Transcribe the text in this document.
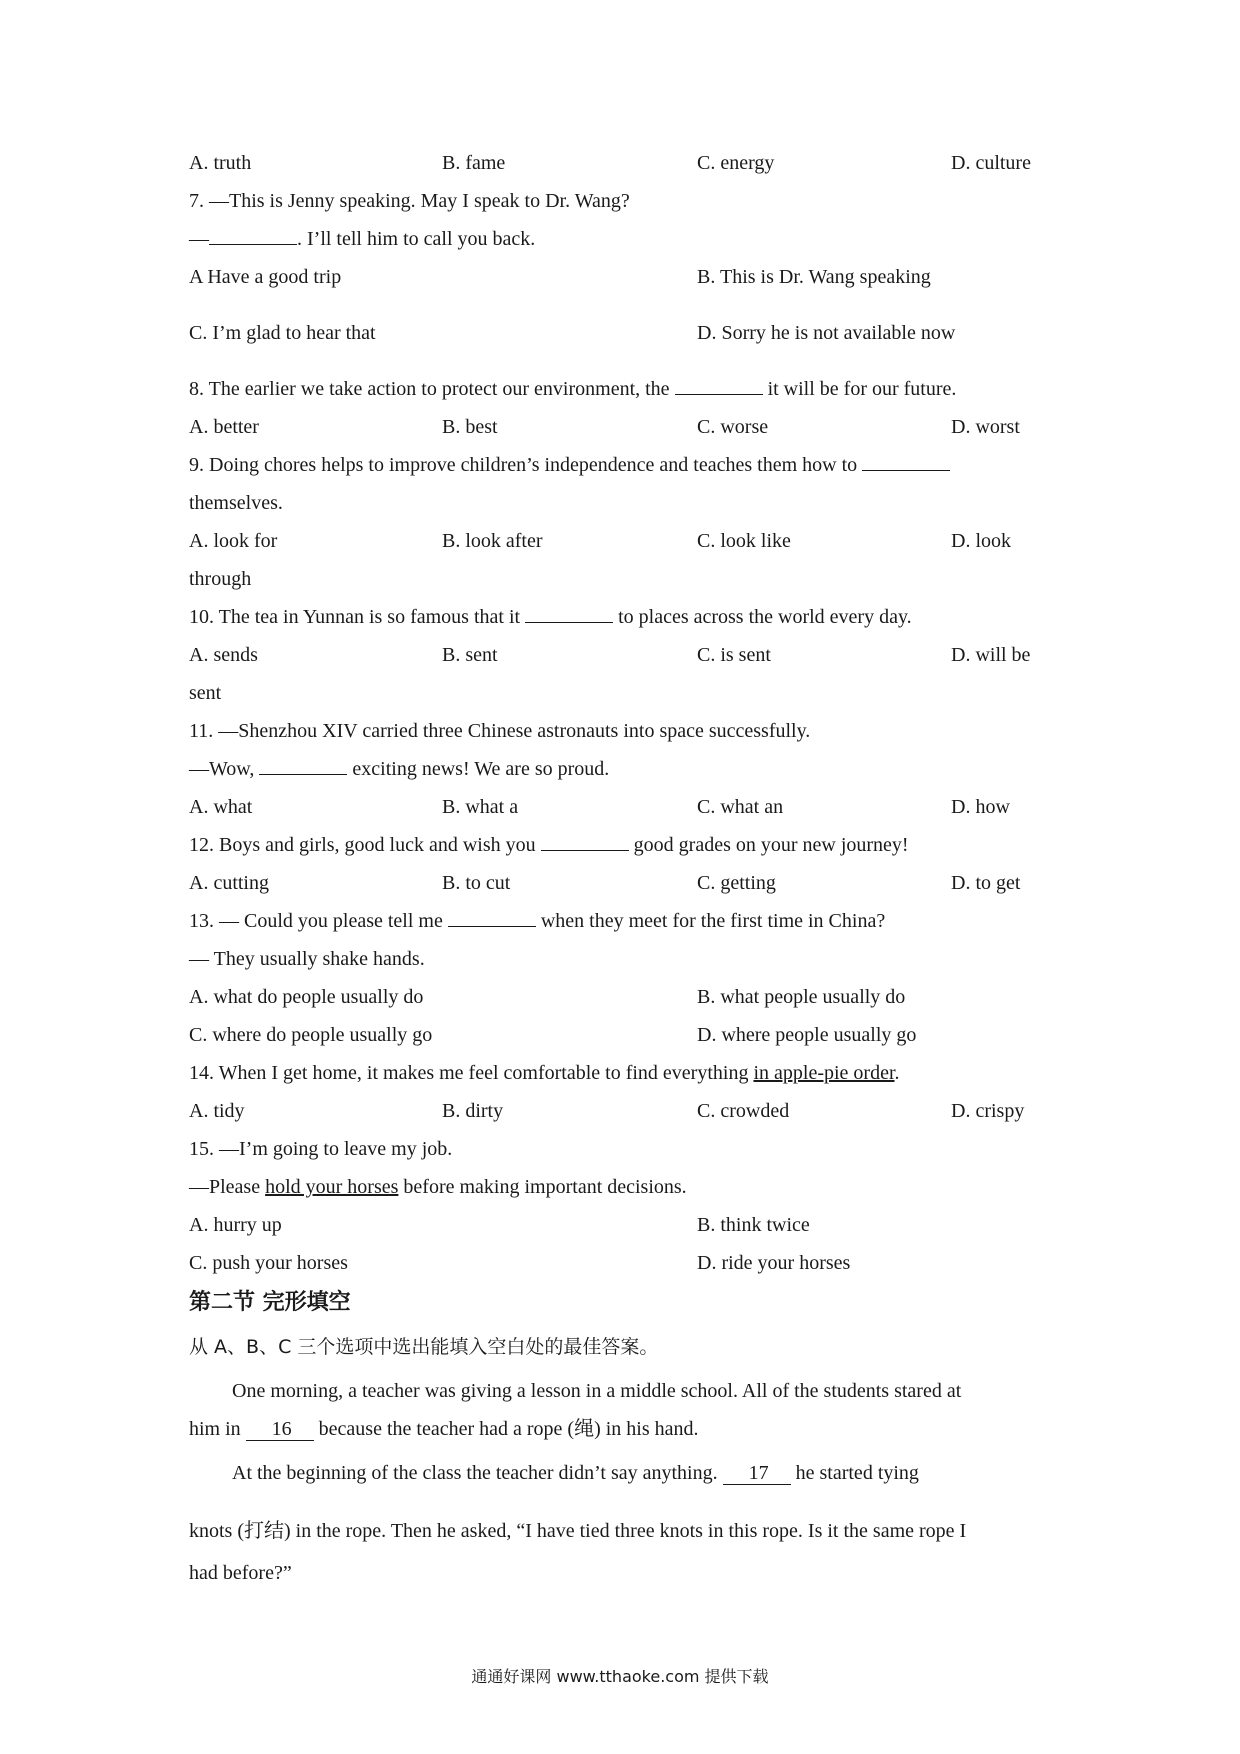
A. truth	B. fame	C. energy	D. culture
7. —This is Jenny speaking. May I speak to Dr. Wang?
—	. I’ll tell him to call you back.
A Have a good trip	B. This is Dr. Wang speaking
C. I’m glad to hear that	D. Sorry he is not available now
8. The earlier we take action to protect our environment, the	it will be for our future.
A. better	B. best	C. worse	D. worst
9. Doing chores helps to improve children’s independence and teaches them how to
themselves.
A. look for	B. look after	C. look like	D. look
through
10. The tea in Yunnan is so famous that it	to places across the world every day.
A. sends	B. sent	C. is sent	D. will be
sent
11. —Shenzhou XIV carried three Chinese astronauts into space successfully.
—Wow,	exciting news! We are so proud.
A. what	B. what a	C. what an	D. how
12. Boys and girls, good luck and wish you	good grades on your new journey!
A. cutting	B. to cut	C. getting	D. to get
13. — Could you please tell me	when they meet for the first time in China?
— They usually shake hands.
A. what do people usually do	B. what people usually do
C. where do people usually go	D. where people usually go
14. When I get home, it makes me feel comfortable to find everything in apple-pie order.
A. tidy	B. dirty	C. crowded	D. crispy
15. —I’m going to leave my job.
—Please hold your horses before making important decisions.
A. hurry up	B. think twice
C. push your horses	D. ride your horses
第二节 完形填空
从 A、B、C 三个选项中选出能填入空白处的最佳答案。
One morning, a teacher was giving a lesson in a middle school. All of the students stared at
him in 16 because the teacher had a rope (绳) in his hand.
At the beginning of the class the teacher didn’t say anything. 17 he started tying
knots (打结) in the rope. Then he asked, “I have tied three knots in this rope. Is it the same rope I
had before?”
通通好课网 www.tthaoke.com 提供下载
